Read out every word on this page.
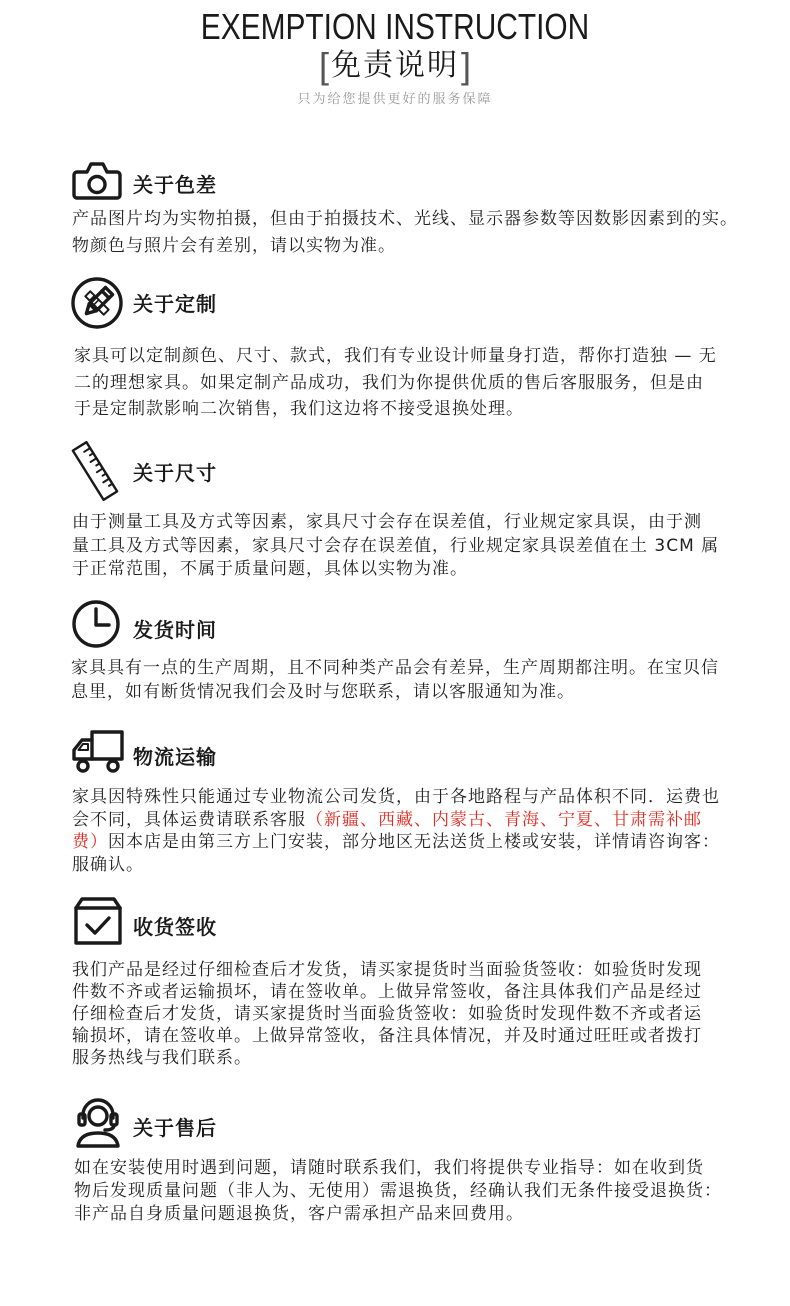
EXEMPTION INSTRUCTION
[免责说明]
只为给您提供更好的服务保障
关于色差
产品图片均为实物拍摄，但由于拍摄技术、光线、显示器参数等因数影因素到的实。
物颜色与照片会有差别，请以实物为准。
关于定制
家具可以定制颜色、尺寸、款式，我们有专业设计师量身打造，帮你打造独 — 无
二的理想家具。如果定制产品成功，我们为你提供优质的售后客服服务，但是由
于是定制款影响二次销售，我们这边将不接受退换处理。
关于尺寸
由于测量工具及方式等因素，家具尺寸会存在误差值，行业规定家具误，由于测
量工具及方式等因素，家具尺寸会存在误差值，行业规定家具误差值在土 3CM 属
于正常范围，不属于质量问题，具体以实物为准。
发货时间
家具具有一点的生产周期，且不同种类产品会有差异，生产周期都注明。在宝贝信
息里，如有断货情况我们会及时与您联系，请以客服通知为准。
物流运输
家具因特殊性只能通过专业物流公司发货，由于各地路程与产品体积不同．运费也
会不同，具体运费请联系客服（新疆、西藏、内蒙古、青海、宁夏、甘肃需补邮
费）因本店是由第三方上门安装，部分地区无法送货上楼或安装，详情请咨询客：
服确认。
收货签收
我们产品是经过仔细检查后才发货，请买家提货时当面验货签收：如验货时发现
件数不齐或者运输损坏，请在签收单。上做异常签收，备注具体我们产品是经过
仔细检查后才发货，请买家提货时当面验货签收：如验货时发现件数不齐或者运
输损坏，请在签收单。上做异常签收，备注具体情况，并及时通过旺旺或者拨打
服务热线与我们联系。
关于售后
如在安装使用时遇到问题，请随时联系我们，我们将提供专业指导：如在收到货
物后发现质量问题（非人为、无使用）需退换货，经确认我们无条件接受退换货：
非产品自身质量问题退换货，客户需承担产品来回费用。
